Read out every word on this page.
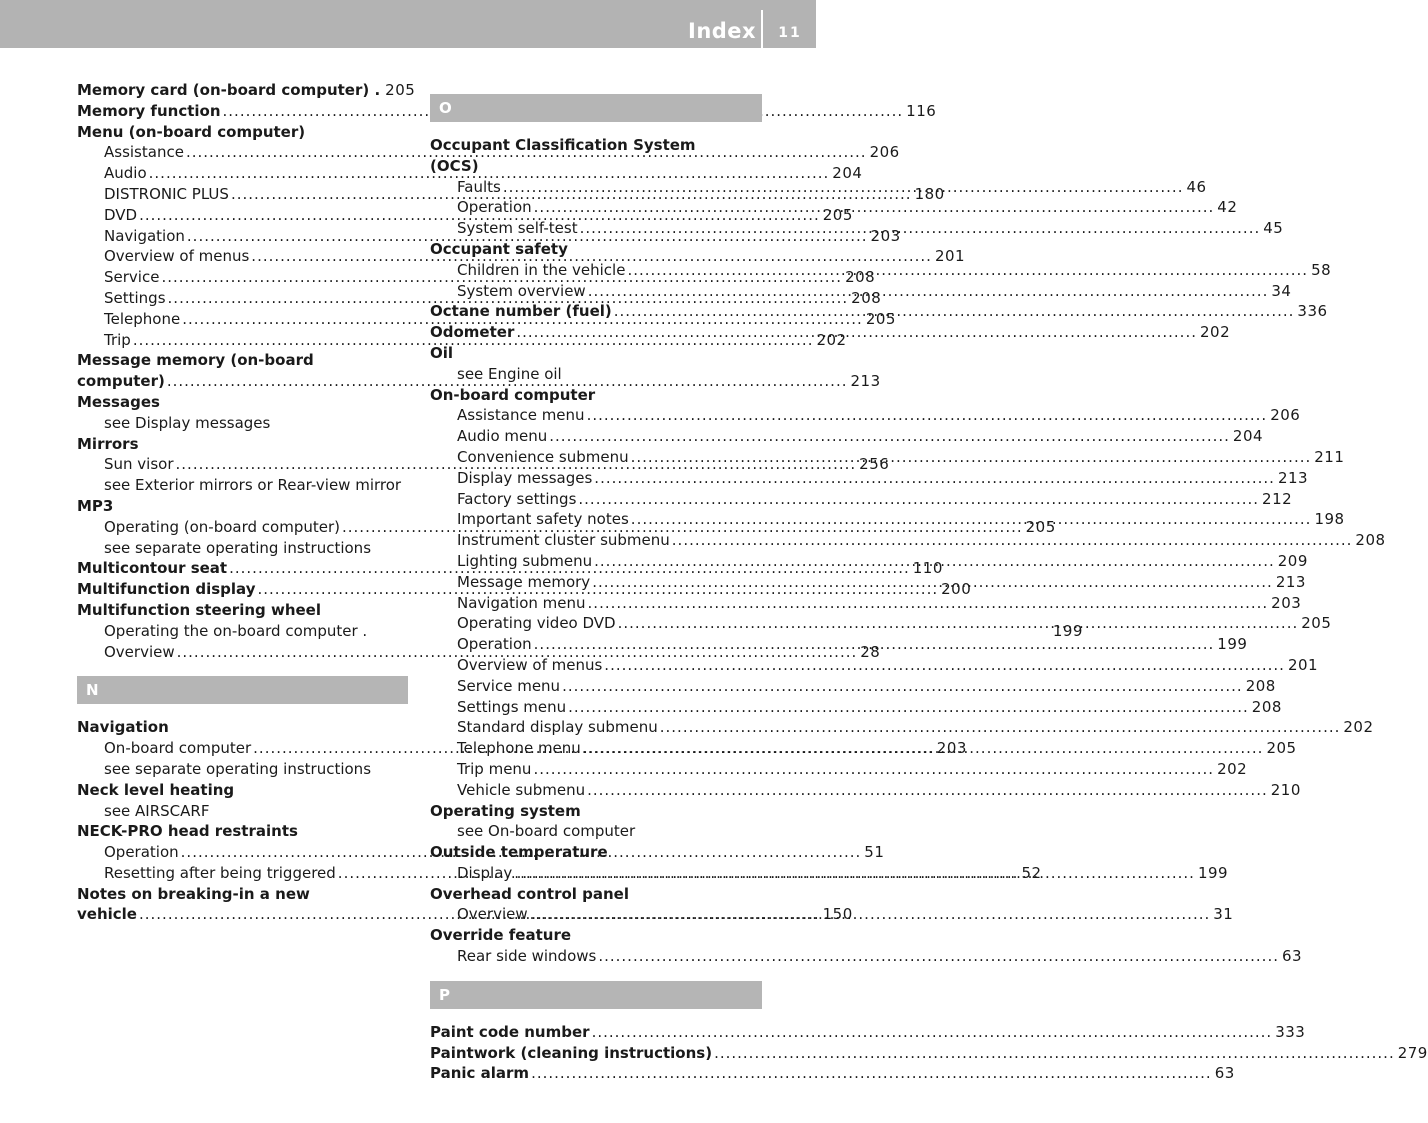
Index	11
Memory card (on-board computer) . 205
Memory function .....	116
Menu (on-board computer)
Assistance .....	206
Audio .....	204
DISTRONIC PLUS .....	180
DVD .....	205
Navigation .....	203
Overview of menus .....	201
Service .....	208
Settings .....	208
Telephone .....	205
Trip .....	202
Message memory (on-board
computer) .....	213
Messages
see Display messages
Mirrors
Sun visor .....	256
see Exterior mirrors or Rear-view mirror
MP3
Operating (on-board computer) .....	205
see separate operating instructions
Multicontour seat .....	110
Multifunction display .....	200
Multifunction steering wheel
Operating the on-board computer .	199
Overview .....	28
N
Navigation
On-board computer .....	203
see separate operating instructions
Neck level heating
see AIRSCARF
NECK-PRO head restraints
Operation .....	51
Resetting after being triggered .....	52
Notes on breaking-in a new
vehicle .....	150
O
Occupant Classification System
(OCS)
Faults .....	46
Operation .....	42
System self-test .....	45
Occupant safety
Children in the vehicle .....	58
System overview .....	34
Octane number (fuel) .....	336
Odometer .....	202
Oil
see Engine oil
On-board computer
Assistance menu .....	206
Audio menu .....	204
Convenience submenu .....	211
Display messages .....	213
Factory settings .....	212
Important safety notes .....	198
Instrument cluster submenu .....	208
Lighting submenu .....	209
Message memory .....	213
Navigation menu .....	203
Operating video DVD .....	205
Operation .....	199
Overview of menus .....	201
Service menu .....	208
Settings menu .....	208
Standard display submenu .....	202
Telephone menu .....	205
Trip menu .....	202
Vehicle submenu .....	210
Operating system
see On-board computer
Outside temperature
Display .....	199
Overhead control panel
Overview .....	31
Override feature
Rear side windows .....	63
P
Paint code number .....	333
Paintwork (cleaning instructions) .....	279
Panic alarm .....	63
